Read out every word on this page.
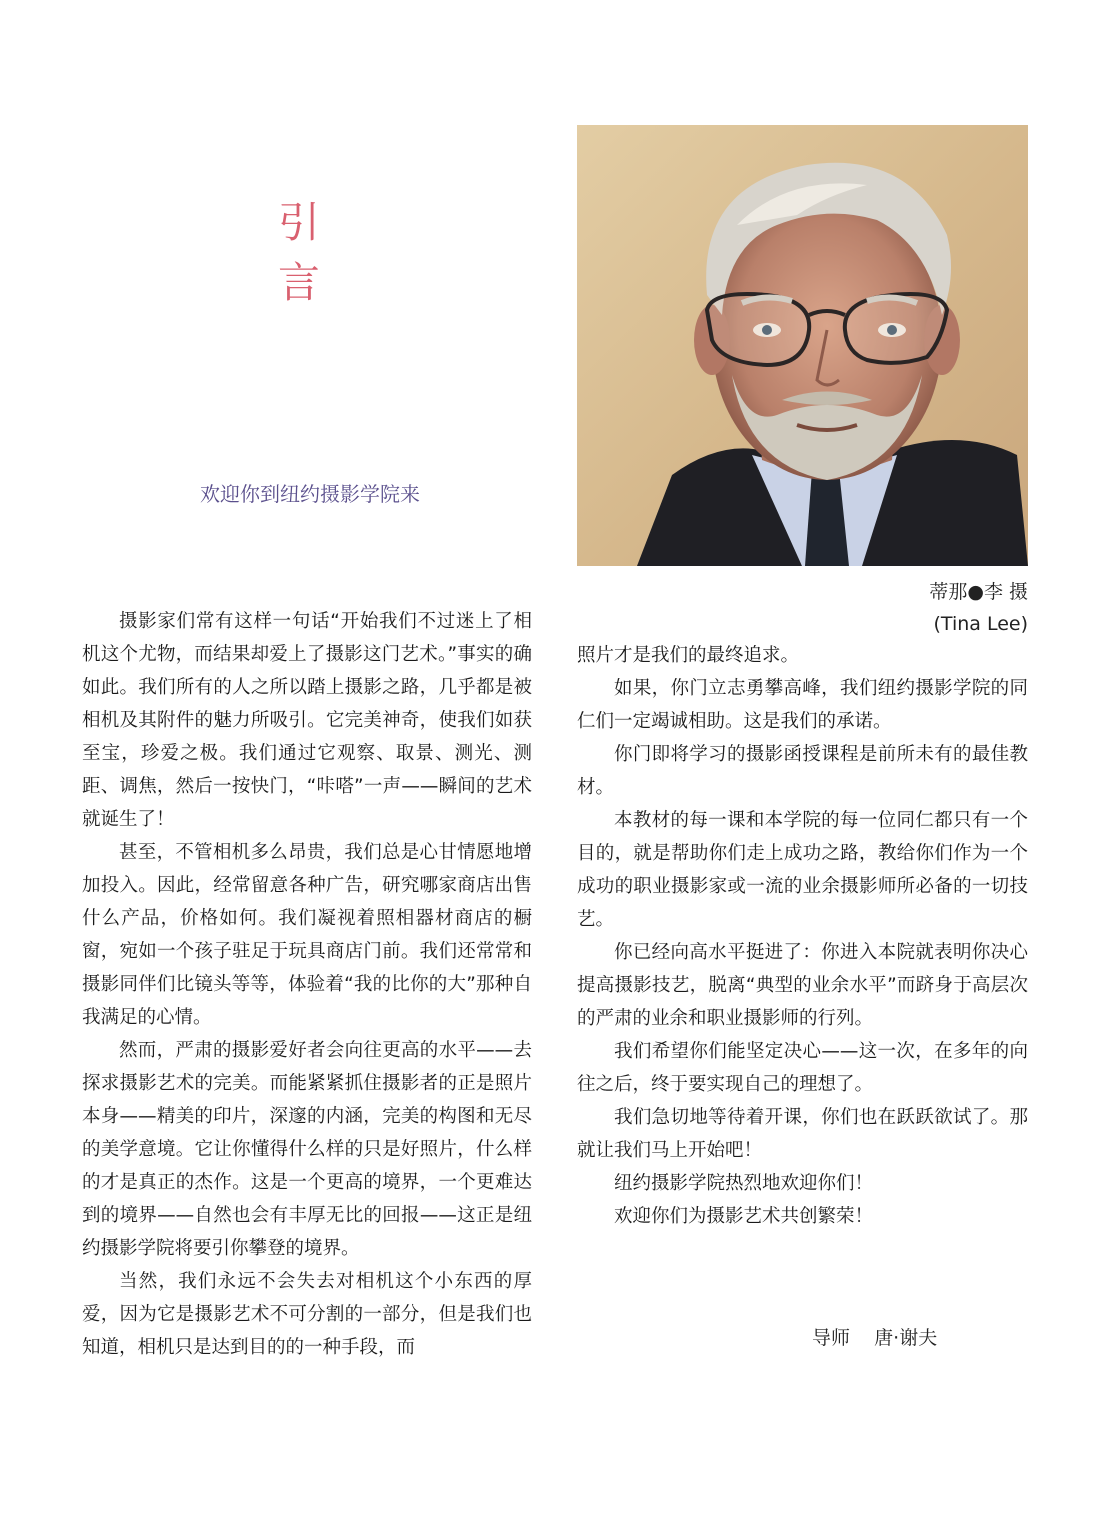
引 言
欢迎你到纽约摄影学院来
蒂那●李 摄
(Tina Lee)

摄影家们常有这样一句话“开始我们不过迷上了相机这个尤物，而结果却爱上了摄影这门艺术。”事实的确如此。我们所有的人之所以踏上摄影之路，几乎都是被相机及其附件的魅力所吸引。它完美神奇，使我们如获至宝，珍爱之极。我们通过它观察、取景、测光、测距、调焦，然后一按快门，“咔嗒”一声——瞬间的艺术就诞生了！

甚至，不管相机多么昂贵，我们总是心甘情愿地增加投入。因此，经常留意各种广告，研究哪家商店出售什么产品，价格如何。我们凝视着照相器材商店的橱窗，宛如一个孩子驻足于玩具商店门前。我们还常常和摄影同伴们比镜头等等，体验着“我的比你的大”那种自我满足的心情。

然而，严肃的摄影爱好者会向往更高的水平——去探求摄影艺术的完美。而能紧紧抓住摄影者的正是照片本身——精美的印片，深邃的内涵，完美的构图和无尽的美学意境。它让你懂得什么样的只是好照片，什么样的才是真正的杰作。这是一个更高的境界，一个更难达到的境界——自然也会有丰厚无比的回报——这正是纽约摄影学院将要引你攀登的境界。

当然，我们永远不会失去对相机这个小东西的厚爱，因为它是摄影艺术不可分割的一部分，但是我们也知道，相机只是达到目的的一种手段，而

照片才是我们的最终追求。

如果，你门立志勇攀高峰，我们纽约摄影学院的同仁们一定竭诚相助。这是我们的承诺。

你门即将学习的摄影函授课程是前所未有的最佳教材。

本教材的每一课和本学院的每一位同仁都只有一个目的，就是帮助你们走上成功之路，教给你们作为一个成功的职业摄影家或一流的业余摄影师所必备的一切技艺。

你已经向高水平挺进了：你进入本院就表明你决心提高摄影技艺，脱离“典型的业余水平”而跻身于高层次的严肃的业余和职业摄影师的行列。

我们希望你们能坚定决心——这一次，在多年的向往之后，终于要实现自己的理想了。

我们急切地等待着开课，你们也在跃跃欲试了。那就让我们马上开始吧！

纽约摄影学院热烈地欢迎你们！

欢迎你们为摄影艺术共创繁荣！

导师    唐·谢夫
